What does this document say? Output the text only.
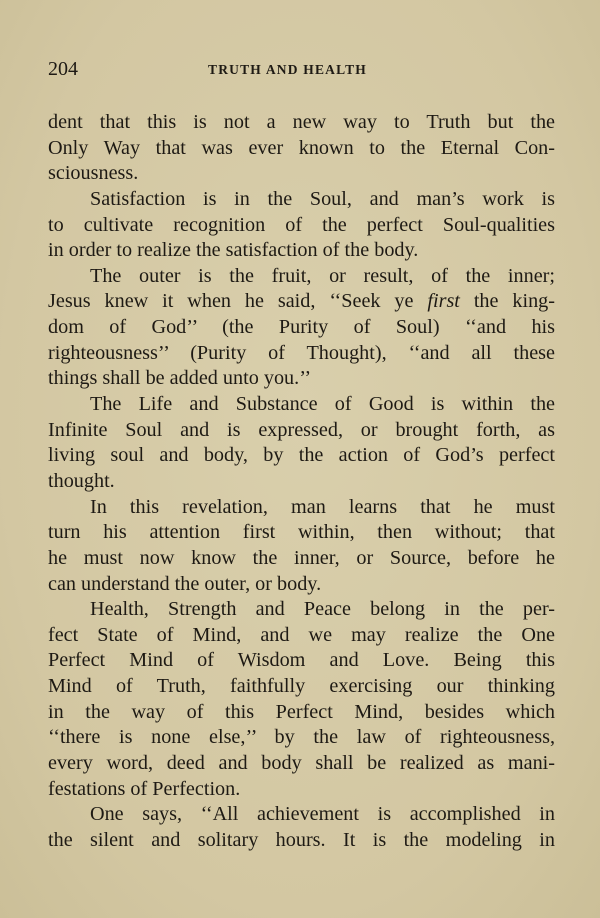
204	TRUTH AND HEALTH
dent that this is not a new way to Truth but the
Only Way that was ever known to the Eternal Con-
sciousness.
Satisfaction is in the Soul, and man’s work is
to cultivate recognition of the perfect Soul-qualities
in order to realize the satisfaction of the body.
The outer is the fruit, or result, of the inner;
Jesus knew it when he said, ‘‘Seek ye first the king-
dom of God’’ (the Purity of Soul) ‘‘and his
righteousness’’ (Purity of Thought), ‘‘and all these
things shall be added unto you.’’
The Life and Substance of Good is within the
Infinite Soul and is expressed, or brought forth, as
living soul and body, by the action of God’s perfect
thought.
In this revelation, man learns that he must
turn his attention first within, then without; that
he must now know the inner, or Source, before he
can understand the outer, or body.
Health, Strength and Peace belong in the per-
fect State of Mind, and we may realize the One
Perfect Mind of Wisdom and Love. Being this
Mind of Truth, faithfully exercising our thinking
in the way of this Perfect Mind, besides which
‘‘there is none else,’’ by the law of righteousness,
every word, deed and body shall be realized as mani-
festations of Perfection.
One says, ‘‘All achievement is accomplished in
the silent and solitary hours. It is the modeling in
